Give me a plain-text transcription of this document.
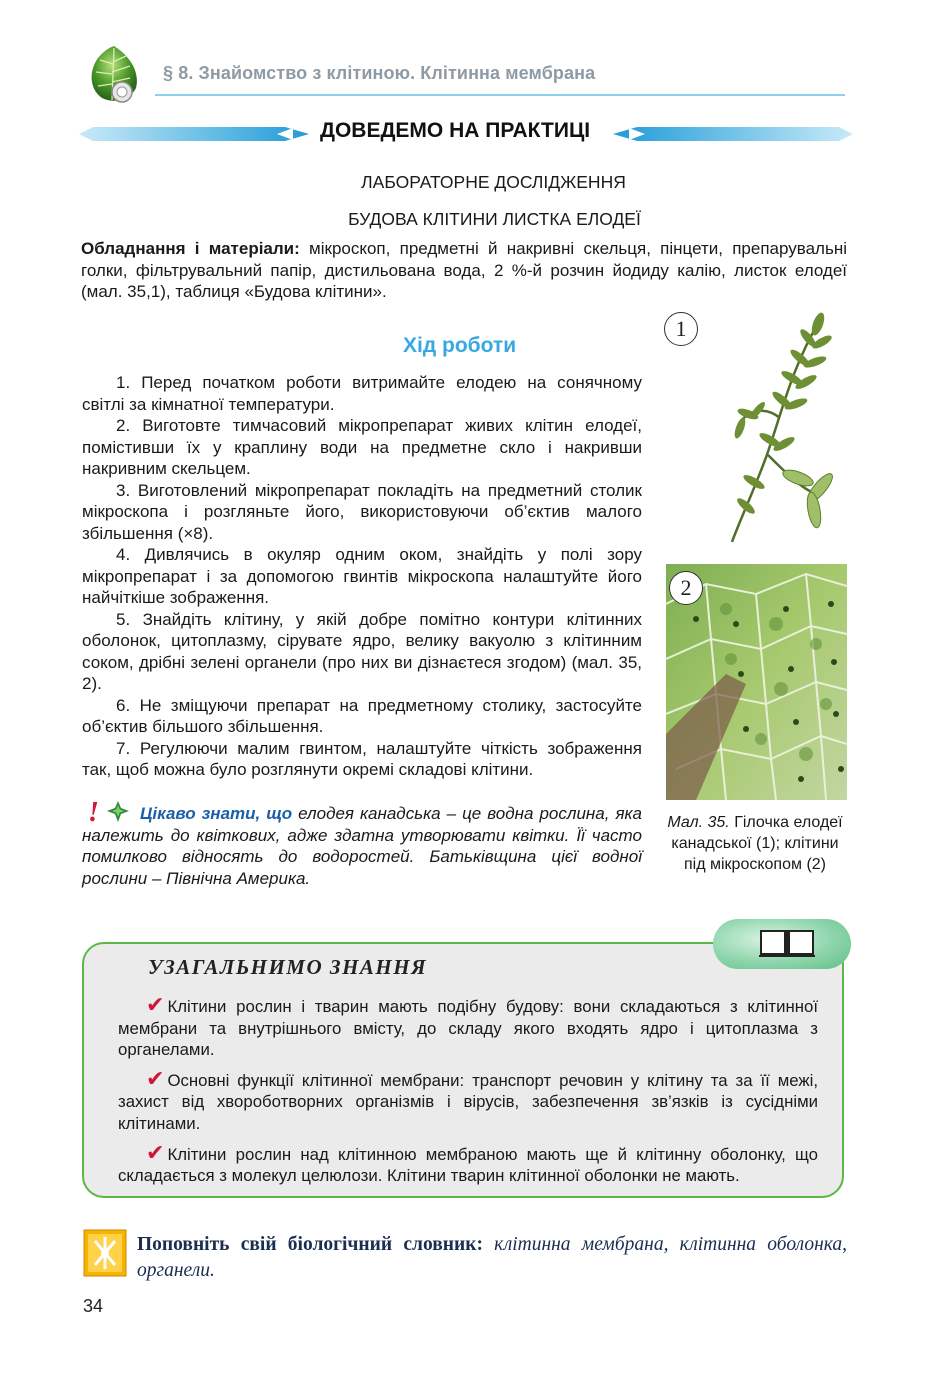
§ 8. Знайомство з клітиною. Клітинна мембрана
ДОВЕДЕМО НА ПРАКТИЦІ
ЛАБОРАТОРНЕ ДОСЛІДЖЕННЯ
БУДОВА КЛІТИНИ ЛИСТКА ЕЛОДЕЇ
Обладнання і матеріали: мікроскоп, предметні й накривні скельця, пінцети, препарувальні голки, фільтрувальний папір, дистильована вода, 2 %-й розчин йодиду калію, листок елодеї (мал. 35,1), таблиця «Будова клітини».
Хід роботи

1. Перед початком роботи витримайте елодею на сонячному світлі за кімнатної температури.

2. Виготовте тимчасовий мікропрепарат живих клітин елодеї, помістивши їх у краплину води на предметне скло і накривши накривним скельцем.

3. Виготовлений мікропрепарат покладіть на предметний столик мікроскопа і розгляньте його, використовуючи об’єктив малого збільшення (×8).

4. Дивлячись в окуляр одним оком, знайдіть у полі зору мікропрепарат і за допомогою гвинтів мікроскопа налаштуйте його найчіткіше зображення.

5. Знайдіть клітину, у якій добре помітно контури клітинних оболонок, цитоплазму, сірувате ядро, велику вакуолю з клітинним соком, дрібні зелені органели (про них ви дізнаєтеся згодом) (мал. 35, 2).

6. Не зміщуючи препарат на предметному столику, застосуйте об’єктив більшого збільшення.

7. Регулюючи малим гвинтом, налаштуйте чіткість зображення так, щоб можна було розглянути окремі складові клітини.

!	Цікаво знати, що елодея канадська – це водна рослина, яка належить до квіткових, адже здатна утворювати квітки. Її часто помилково відносять до водоростей. Батьківщина цієї водної рослини – Північна Америка.
1
2
Мал. 35. Гілочка елодеї канадської (1); клітини під мікроскопом (2)
УЗАГАЛЬНИМО ЗНАННЯ

✔ Клітини рослин і тварин мають подібну будову: вони складаються з клітинної мембрани та внутрішнього вмісту, до складу якого входять ядро і цитоплазма з органелами.

✔ Основні функції клітинної мембрани: транспорт речовин у клітину та за її межі, захист від хвороботворних організмів і вірусів, забезпечення зв’язків із сусідніми клітинами.

✔ Клітини рослин над клітинною мембраною мають ще й клітинну оболонку, що складається з молекул целюлози. Клітини тварин клітинної оболонки не мають.

Поповніть свій біологічний словник: клітинна мембрана, клітинна оболонка, органели.
34
